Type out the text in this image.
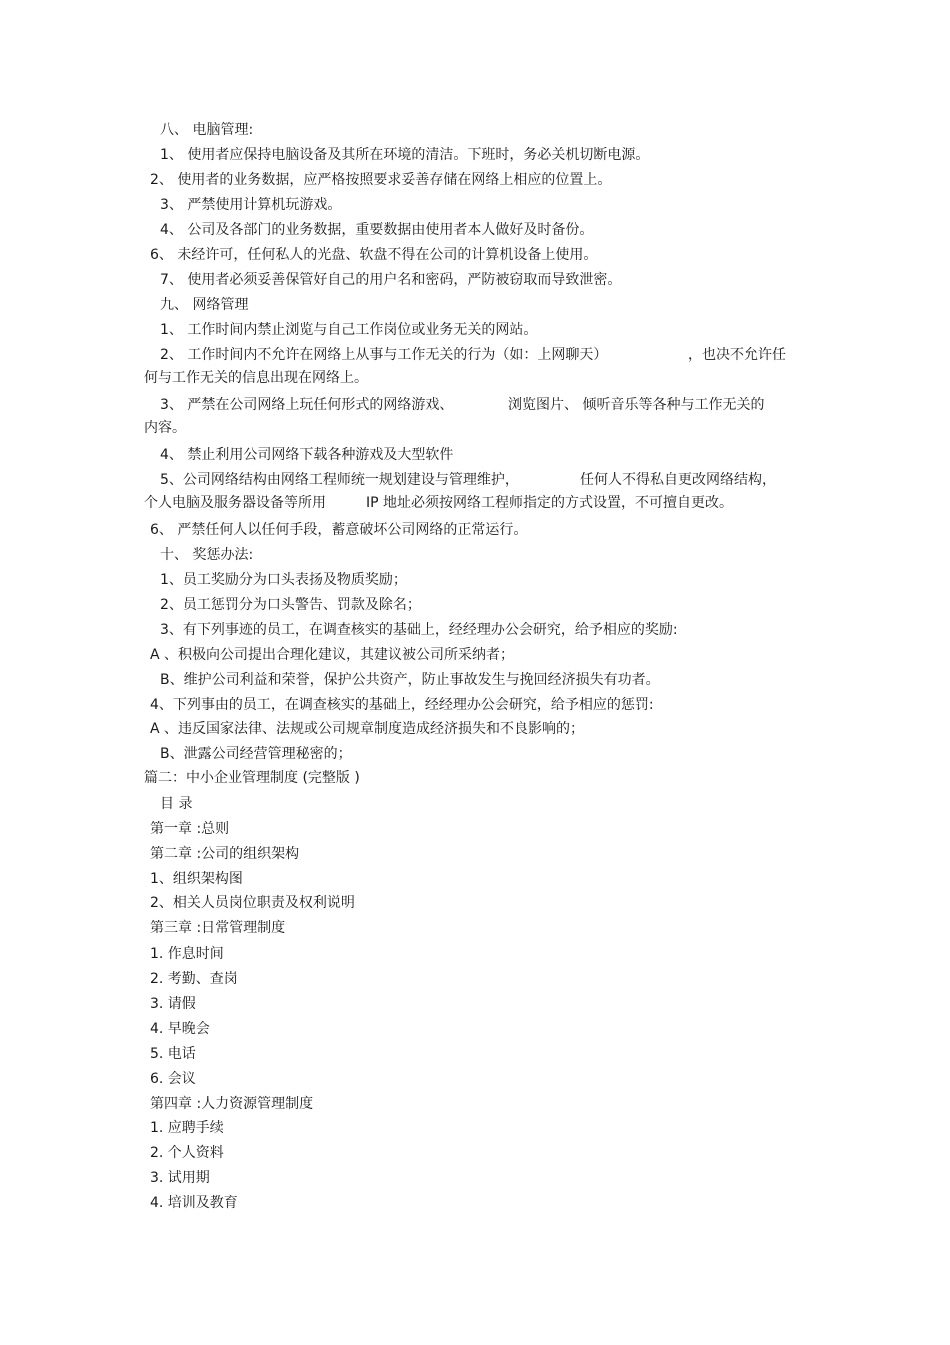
八、 电脑管理:
1、 使用者应保持电脑设备及其所在环境的清洁。下班时，务必关机切断电源。
2、 使用者的业务数据，应严格按照要求妥善存储在网络上相应的位置上。
3、 严禁使用计算机玩游戏。
4、 公司及各部门的业务数据，重要数据由使用者本人做好及时备份。
6、 未经许可，任何私人的光盘、软盘不得在公司的计算机设备上使用。
7、 使用者必须妥善保管好自己的用户名和密码，严防被窃取而导致泄密。
九、 网络管理
1、 工作时间内禁止浏览与自己工作岗位或业务无关的网站。
2、 工作时间内不允许在网络上从事与工作无关的行为（如：上网聊天）	，也决不允许任
何与工作无关的信息出现在网络上。
3、 严禁在公司网络上玩任何形式的网络游戏、	浏览图片、 倾听音乐等各种与工作无关的
内容。
4、 禁止利用公司网络下载各种游戏及大型软件
5、公司网络结构由网络工程师统一规划建设与管理维护，	任何人不得私自更改网络结构，
个人电脑及服务器设备等所用	IP 地址必须按网络工程师指定的方式设置，不可擅自更改。
6、 严禁任何人以任何手段，蓄意破坏公司网络的正常运行。
十、 奖惩办法:
1、员工奖励分为口头表扬及物质奖励；
2、员工惩罚分为口头警告、罚款及除名；
3、有下列事迹的员工，在调查核实的基础上，经经理办公会研究，给予相应的奖励:
A 、积极向公司提出合理化建议，其建议被公司所采纳者；
B、维护公司利益和荣誉，保护公共资产，防止事故发生与挽回经济损失有功者。
4、下列事由的员工，在调查核实的基础上，经经理办公会研究，给予相应的惩罚:
A 、违反国家法律、法规或公司规章制度造成经济损失和不良影响的；
B、泄露公司经营管理秘密的；
篇二：中小企业管理制度 (完整版 )
目 录
第一章 :总则
第二章 :公司的组织架构
1、组织架构图
2、相关人员岗位职责及权利说明
第三章 :日常管理制度
1. 作息时间
2. 考勤、查岗
3. 请假
4. 早晚会
5. 电话
6. 会议
第四章 :人力资源管理制度
1. 应聘手续
2. 个人资料
3. 试用期
4. 培训及教育
